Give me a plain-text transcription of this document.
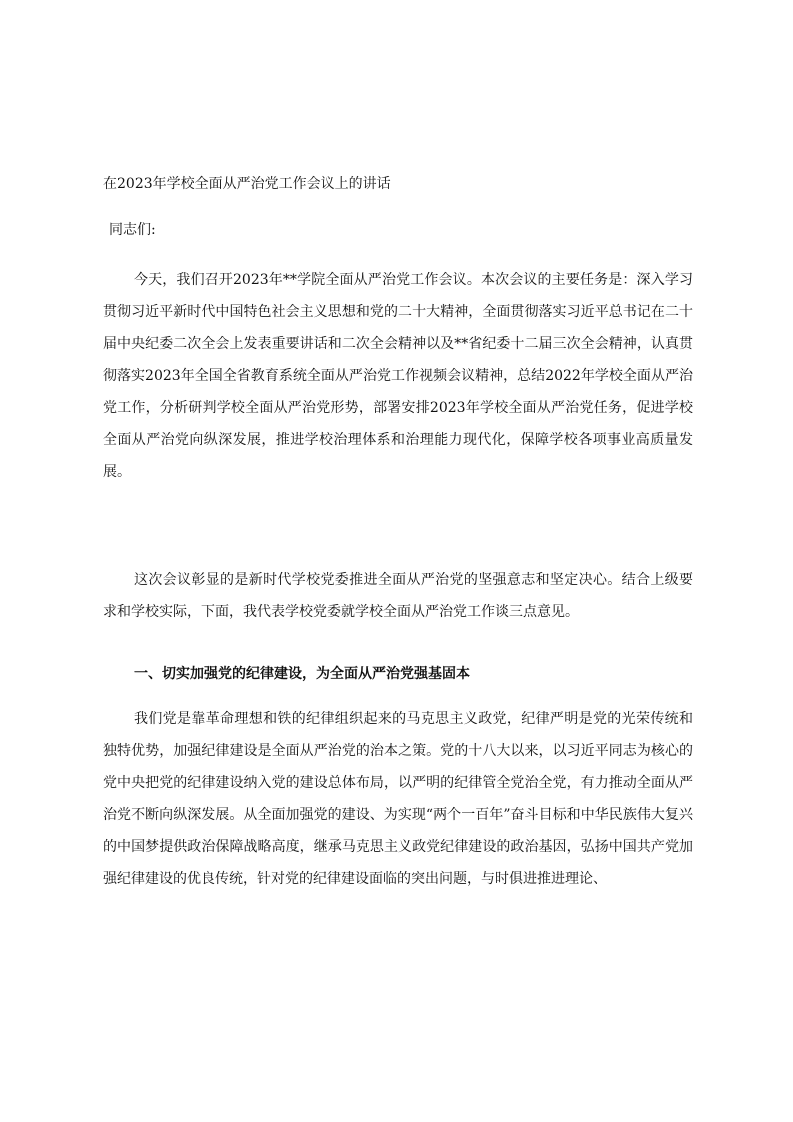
在2023年学校全面从严治党工作会议上的讲话
同志们:

今天，我们召开2023年**学院全面从严治党工作会议。本次会议的主要任务是：深入学习贯彻习近平新时代中国特色社会主义思想和党的二十大精神，全面贯彻落实习近平总书记在二十届中央纪委二次全会上发表重要讲话和二次全会精神以及**省纪委十二届三次全会精神，认真贯彻落实2023年全国全省教育系统全面从严治党工作视频会议精神，总结2022年学校全面从严治党工作，分析研判学校全面从严治党形势，部署安排2023年学校全面从严治党任务，促进学校全面从严治党向纵深发展，推进学校治理体系和治理能力现代化，保障学校各项事业高质量发展。

这次会议彰显的是新时代学校党委推进全面从严治党的坚强意志和坚定决心。结合上级要求和学校实际，下面，我代表学校党委就学校全面从严治党工作谈三点意见。

一、切实加强党的纪律建设，为全面从严治党强基固本

我们党是靠革命理想和铁的纪律组织起来的马克思主义政党，纪律严明是党的光荣传统和独特优势，加强纪律建设是全面从严治党的治本之策。党的十八大以来，以习近平同志为核心的党中央把党的纪律建设纳入党的建设总体布局，以严明的纪律管全党治全党，有力推动全面从严治党不断向纵深发展。从全面加强党的建设、为实现“两个一百年”奋斗目标和中华民族伟大复兴的中国梦提供政治保障战略高度，继承马克思主义政党纪律建设的政治基因，弘扬中国共产党加强纪律建设的优良传统，针对党的纪律建设面临的突出问题，与时俱进推进理论、
